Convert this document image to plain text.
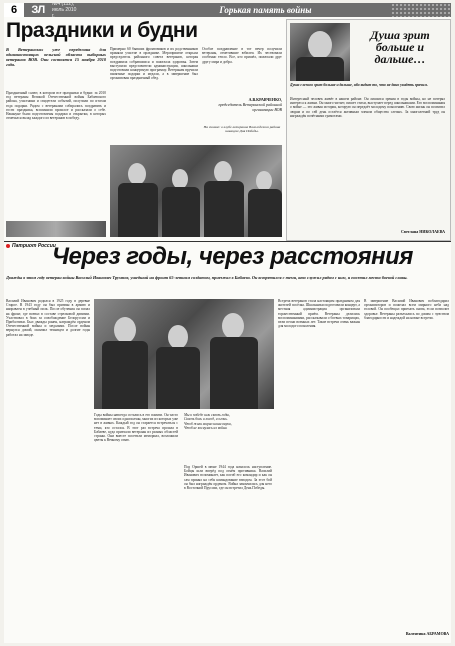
6	ЗЛ	№4 (112), июль 2010 г.
Горькая память войны
Праздники и будни
В Ветеранских уже переделана для одинокостоящих вельской области выборных ветеранов ВОВ. Они состоятся 15 ноября 2010 года.
Праздничный салют, в котором все праздники и будни: за 2010 год ветераны Великой Отечественной войны Бабаевского района, участники и свидетели событий, получили по итогам года подарки. Рядом с ветеранами собирались поздравить и гости праздника, вспомнили прошлое и рассказали о себе. Накануне были подготовлены подарки и открытки, в которых отмечался вклад каждого из ветеранов в победу.
Примерно 60 бывших фронтовиков и их родственников приняли участие в празднике. Мероприятие открыла председатель районного совета ветеранов, которая поздравила собравшихся и пожелала здоровья. Затем выступили представители администрации, школьники подготовили концертную программу. Ветеранам вручили памятные подарки и медали, а в завершение был организован праздничный обед.
Особое поздравление в тот вечер получили ветераны, отметившие юбилеи. Их чествовали особенно тепло. Все, кто пришёл, пожелали друг другу мира и добра.
А.В.КРАВЧЕНКО,
председатель Ветеранской районной организации ВОВ
На снимке: в клубе ветеранов Вологодского района накануне Дня Победы.
Душа зрит больше и дальше…
Душа слепого зрит больше и дальше, ибо видит то, что не дано увидеть зрячим.
Интересный человек живёт в нашем районе. Он лишился зрения в годы войны, но не потерял интереса к жизни. Он много читает, пишет стихи, выступает перед школьниками. Его воспоминания о войне — это живая история, которую он передаёт молодому поколению. Свою жизнь он посвятил людям и по сей день остаётся активным членом общества слепых. За многолетний труд он награждён почётными грамотами.
Светлана НИКОЛАЕВА
Патриот России
Через годы, через расстояния
Дважды в этом году ветеран войны Василий Иванович Трухтов, ушедший на фронт 65-летним солдатом, приезжал в Бабаево. Он встретился с теми, кто служил рядом с ним, и посетил места боевой славы.
Василий Иванович родился в 1925 году в деревне Старое. В 1943 году он был призван в армию и направлен в учебный полк. После обучения он попал на фронт, где воевал в составе стрелковой дивизии. Участвовал в боях за освобождение Белоруссии и Прибалтики. Был дважды ранен, награждён орденом Отечественной войны и медалями. После войны вернулся домой, окончил техникум и долгие годы работал на заводе.
Годы войны навсегда остались в его памяти. Он часто вспоминает своих однополчан, многих из которых уже нет в живых. Каждый год он старается встречаться с теми, кто остался. В этот раз встреча прошла в Бабаеве, куда приехали ветераны из разных областей страны. Они вместе посетили мемориал, возложили цветы к Вечному огню.
Мы к победе шли сквозь годы,
Сквозь боль и холод, и огонь.
Чтоб жили мирно наши внуки,
Чтоб не коснулась их война.
Под Оршей в июне 1944 года началось наступление. Бойцы шли вперёд под огнём противника. Василий Иванович вспоминает, как погиб его командир и как он сам принял на себя командование взводом. За этот бой он был награждён орденом. Война закончилась для него в Восточной Пруссии, где он встретил День Победы.
Встреча ветеранов стала настоящим праздником для жителей посёлка. Школьники подготовили концерт, а местная администрация организовала торжественный приём. Ветераны делились воспоминаниями, рассказывали о боевых товарищах, пели песни военных лет. Такие встречи очень важны для молодого поколения.
В завершение Василий Иванович поблагодарил организаторов и пожелал всем мирного неба над головой. Он пообещал приехать снова, если позволит здоровье. Ветераны разъехались по домам с чувством благодарности и надеждой на новые встречи.
Валентина АБРАМОВА
